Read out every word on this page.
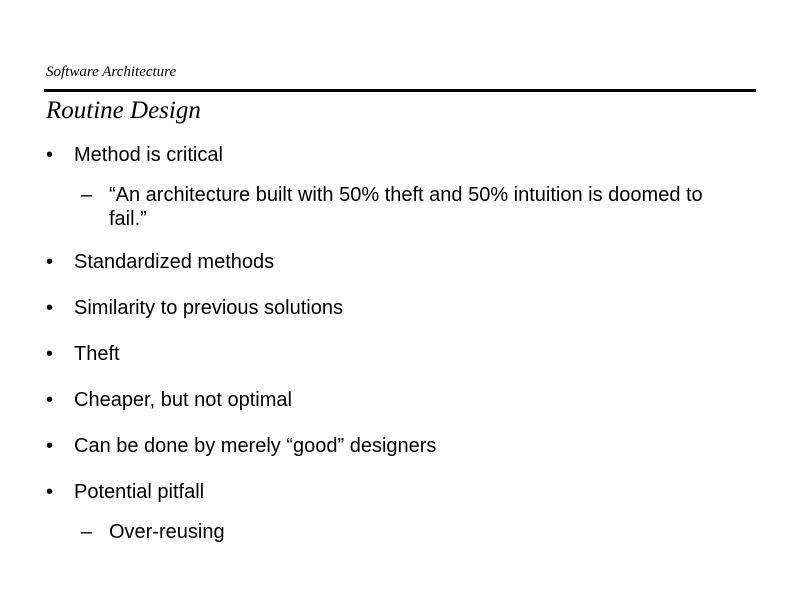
Software Architecture
Routine Design
• Method is critical
– “An architecture built with 50% theft and 50% intuition is doomed to fail.”
• Standardized methods
• Similarity to previous solutions
• Theft
• Cheaper, but not optimal
• Can be done by merely “good” designers
• Potential pitfall
– Over-reusing
